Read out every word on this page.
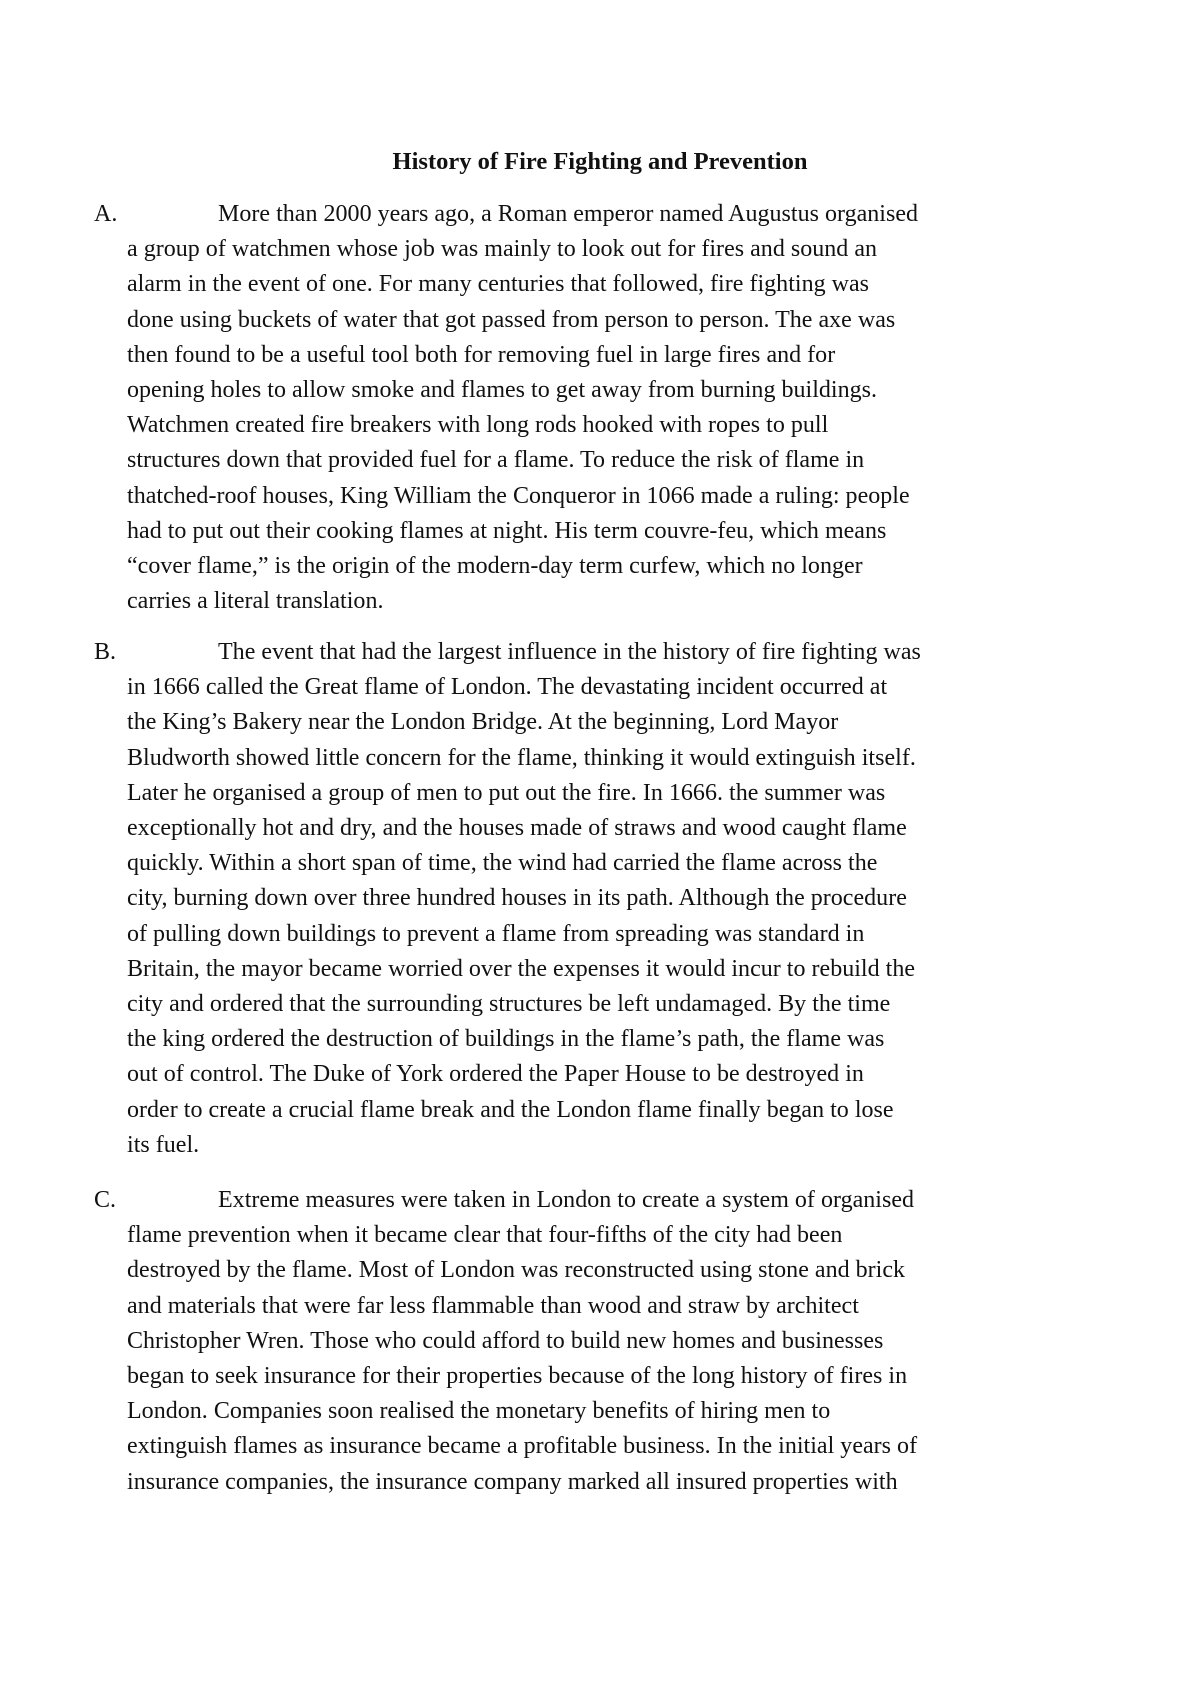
History of Fire Fighting and Prevention
A.	More than 2000 years ago, a Roman emperor named Augustus organised
a group of watchmen whose job was mainly to look out for fires and sound an
alarm in the event of one. For many centuries that followed, fire fighting was
done using buckets of water that got passed from person to person. The axe was
then found to be a useful tool both for removing fuel in large fires and for
opening holes to allow smoke and flames to get away from burning buildings.
Watchmen created fire breakers with long rods hooked with ropes to pull
structures down that provided fuel for a flame. To reduce the risk of flame in
thatched-roof houses, King William the Conqueror in 1066 made a ruling: people
had to put out their cooking flames at night. His term couvre-feu, which means
“cover flame,” is the origin of the modern-day term curfew, which no longer
carries a literal translation.

B.	The event that had the largest influence in the history of fire fighting was
in 1666 called the Great flame of London. The devastating incident occurred at
the King’s Bakery near the London Bridge. At the beginning, Lord Mayor
Bludworth showed little concern for the flame, thinking it would extinguish itself.
Later he organised a group of men to put out the fire. In 1666. the summer was
exceptionally hot and dry, and the houses made of straws and wood caught flame
quickly. Within a short span of time, the wind had carried the flame across the
city, burning down over three hundred houses in its path. Although the procedure
of pulling down buildings to prevent a flame from spreading was standard in
Britain, the mayor became worried over the expenses it would incur to rebuild the
city and ordered that the surrounding structures be left undamaged. By the time
the king ordered the destruction of buildings in the flame’s path, the flame was
out of control. The Duke of York ordered the Paper House to be destroyed in
order to create a crucial flame break and the London flame finally began to lose
its fuel.

C.	Extreme measures were taken in London to create a system of organised
flame prevention when it became clear that four-fifths of the city had been
destroyed by the flame. Most of London was reconstructed using stone and brick
and materials that were far less flammable than wood and straw by architect
Christopher Wren. Those who could afford to build new homes and businesses
began to seek insurance for their properties because of the long history of fires in
London. Companies soon realised the monetary benefits of hiring men to
extinguish flames as insurance became a profitable business. In the initial years of
insurance companies, the insurance company marked all insured properties with
